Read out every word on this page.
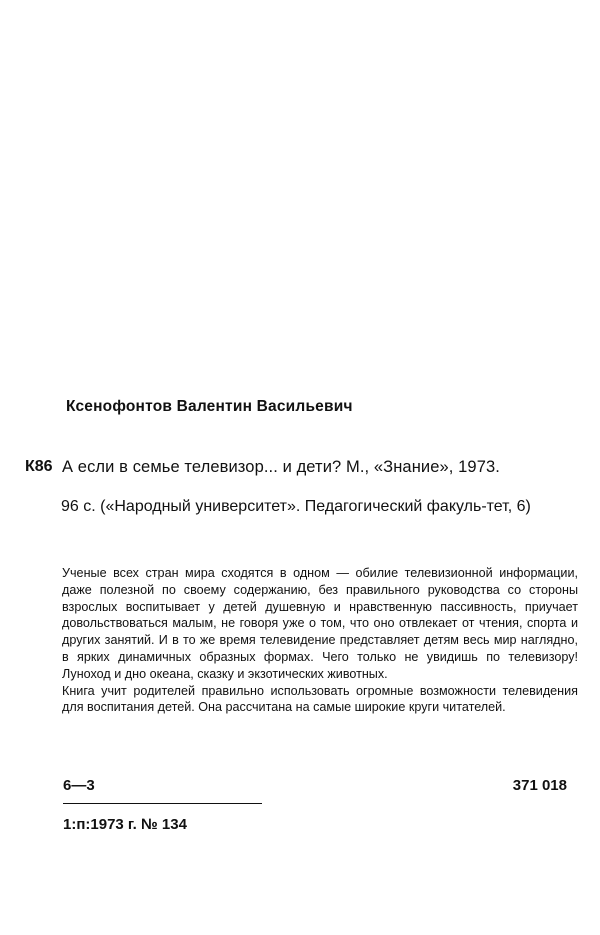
Ксенофонтов Валентин Васильевич
К86 А если в семье телевизор... и дети? М., «Знание», 1973.
96 с. («Народный университет». Педагогический факуль-тет, 6)

Ученые всех стран мира сходятся в одном — обилие телевизионной информации, даже полезной по своему содержанию, без правильного руководства со стороны взрослых воспитывает у детей душевную и нравственную пассивность, приучает довольствоваться малым, не говоря уже о том, что оно отвлекает от чтения, спорта и других занятий. И в то же время телевидение представляет детям весь мир наглядно, в ярких динамичных образных формах. Чего только не увидишь по телевизору! Луноход и дно океана, сказку и экзотических животных.

Книга учит родителей правильно использовать огромные возможности телевидения для воспитания детей. Она рассчитана на самые широкие круги читателей.

6—3	371 018
1:п:1973 г. № 134
